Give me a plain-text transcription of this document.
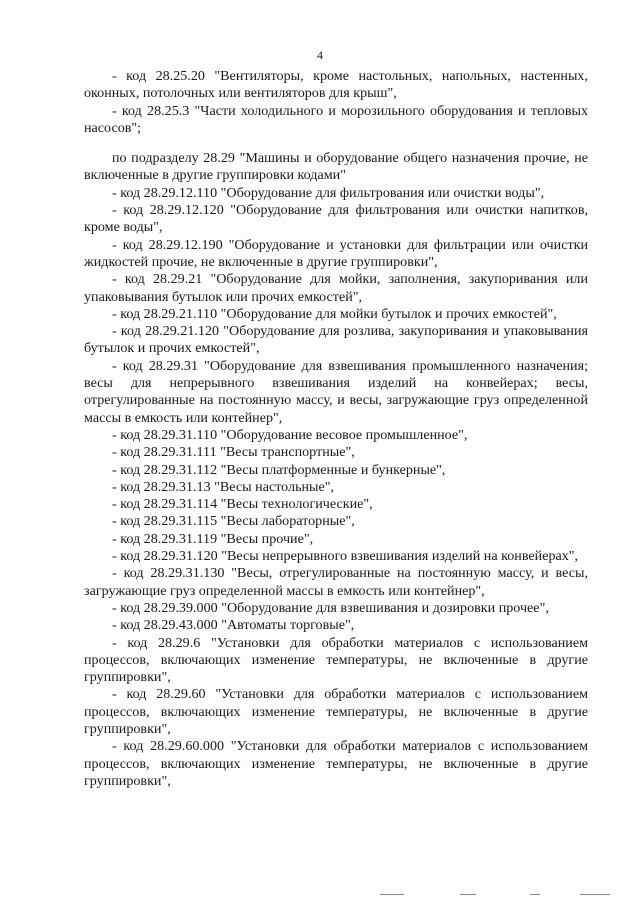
4

- код 28.25.20 "Вентиляторы, кроме настольных, напольных, настенных, оконных, потолочных или вентиляторов для крыш",

- код 28.25.3 "Части холодильного и морозильного оборудования и тепловых насосов";

по подразделу 28.29 "Машины и оборудование общего назначения прочие, не включенные в другие группировки кодами"

- код 28.29.12.110 "Оборудование для фильтрования или очистки воды",

- код 28.29.12.120 "Оборудование для фильтрования или очистки напитков, кроме воды",

- код 28.29.12.190 "Оборудование и установки для фильтрации или очистки жидкостей прочие, не включенные в другие группировки",

- код 28.29.21 "Оборудование для мойки, заполнения, закупоривания или упаковывания бутылок или прочих емкостей",

- код 28.29.21.110 "Оборудование для мойки бутылок и прочих емкостей",

- код 28.29.21.120 "Оборудование для розлива, закупоривания и упаковывания бутылок и прочих емкостей",

- код 28.29.31 "Оборудование для взвешивания промышленного назначения; весы для непрерывного взвешивания изделий на конвейерах; весы, отрегулированные на постоянную массу, и весы, загружающие груз определенной массы в емкость или контейнер",

- код 28.29.31.110 "Оборудование весовое промышленное",

- код 28.29.31.111 "Весы транспортные",

- код 28.29.31.112 "Весы платформенные и бункерные",

- код 28.29.31.13 "Весы настольные",

- код 28.29.31.114 "Весы технологические",

- код 28.29.31.115 "Весы лабораторные",

- код 28.29.31.119 "Весы прочие",

- код 28.29.31.120 "Весы непрерывного взвешивания изделий на конвейерах",

- код 28.29.31.130 "Весы, отрегулированные на постоянную массу, и весы, загружающие груз определенной массы в емкость или контейнер",

- код 28.29.39.000 "Оборудование для взвешивания и дозировки прочее",

- код 28.29.43.000 "Автоматы торговые",

- код 28.29.6 "Установки для обработки материалов с использованием процессов, включающих изменение температуры, не включенные в другие группировки",

- код 28.29.60 "Установки для обработки материалов с использованием процессов, включающих изменение температуры, не включенные в другие группировки",

- код 28.29.60.000 "Установки для обработки материалов с использованием процессов, включающих изменение температуры, не включенные в другие группировки",
